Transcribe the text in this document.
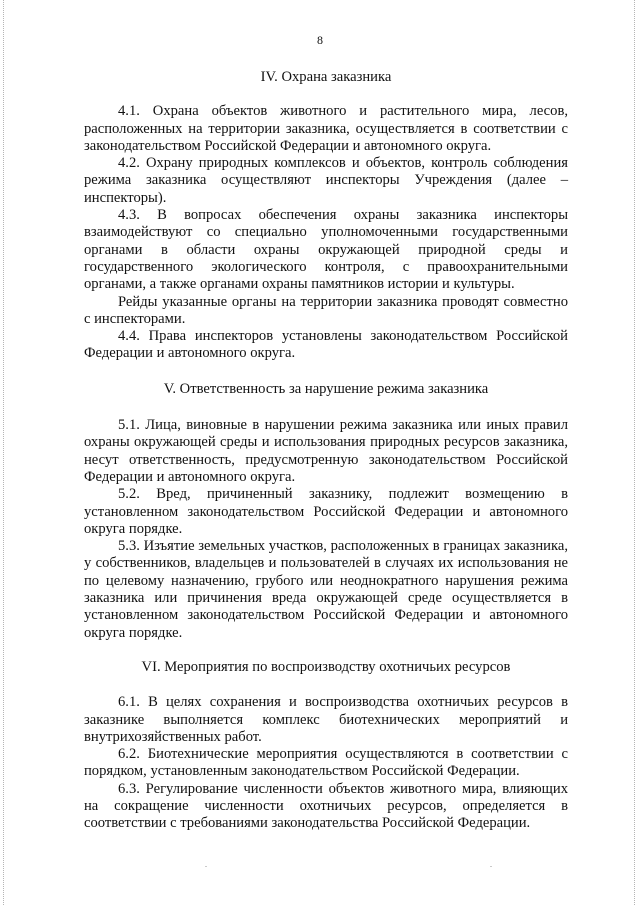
8

IV. Охрана заказника

4.1. Охрана объектов животного и растительного мира, лесов, расположенных на территории заказника, осуществляется в соответствии с законодательством Российской Федерации и автономного округа.

4.2. Охрану природных комплексов и объектов, контроль соблюдения режима заказника осуществляют инспекторы Учреждения (далее – инспекторы).

4.3. В вопросах обеспечения охраны заказника инспекторы взаимодействуют со специально уполномоченными государственными органами в области охраны окружающей природной среды и государственного экологического контроля, с правоохранительными органами, а также органами охраны памятников истории и культуры.

Рейды указанные органы на территории заказника проводят совместно с инспекторами.

4.4. Права инспекторов установлены законодательством Российской Федерации и автономного округа.

V. Ответственность за нарушение режима заказника

5.1. Лица, виновные в нарушении режима заказника или иных правил охраны окружающей среды и использования природных ресурсов заказника, несут ответственность, предусмотренную законодательством Российской Федерации и автономного округа.

5.2. Вред, причиненный заказнику, подлежит возмещению в установленном законодательством Российской Федерации и автономного округа порядке.

5.3. Изъятие земельных участков, расположенных в границах заказника, у собственников, владельцев и пользователей в случаях их использования не по целевому назначению, грубого или неоднократного нарушения режима заказника или причинения вреда окружающей среде осуществляется в установленном законодательством Российской Федерации и автономного округа порядке.

VI. Мероприятия по воспроизводству охотничьих ресурсов

6.1. В целях сохранения и воспроизводства охотничьих ресурсов в заказнике выполняется комплекс биотехнических мероприятий и внутрихозяйственных работ.

6.2. Биотехнические мероприятия осуществляются в соответствии с порядком, установленным законодательством Российской Федерации.

6.3. Регулирование численности объектов животного мира, влияющих на сокращение численности охотничьих ресурсов, определяется в соответствии с требованиями законодательства Российской Федерации.

.	.
